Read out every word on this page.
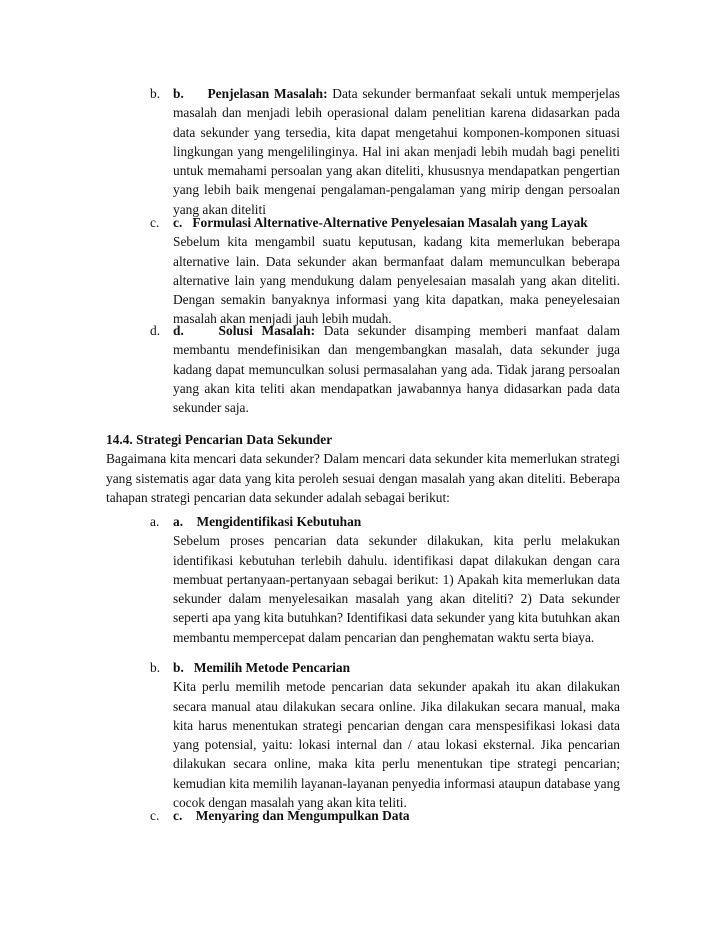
b. b. Penjelasan Masalah: Data sekunder bermanfaat sekali untuk memperjelas masalah dan menjadi lebih operasional dalam penelitian karena didasarkan pada data sekunder yang tersedia, kita dapat mengetahui komponen-komponen situasi lingkungan yang mengelilinginya. Hal ini akan menjadi lebih mudah bagi peneliti untuk memahami persoalan yang akan diteliti, khususnya mendapatkan pengertian yang lebih baik mengenai pengalaman-pengalaman yang mirip dengan persoalan yang akan diteliti

c.	c. Formulasi Alternative-Alternative Penyelesaian Masalah yang Layak

Sebelum kita mengambil suatu keputusan, kadang kita memerlukan beberapa alternative lain. Data sekunder akan bermanfaat dalam memunculkan beberapa alternative lain yang mendukung dalam penyelesaian masalah yang akan diteliti. Dengan semakin banyaknya informasi yang kita dapatkan, maka peneyelesaian masalah akan menjadi jauh lebih mudah.

d. d.	Solusi Masalah: Data sekunder disamping memberi manfaat dalam membantu mendefinisikan dan mengembangkan masalah, data sekunder juga kadang dapat memunculkan solusi permasalahan yang ada. Tidak jarang persoalan yang akan kita teliti akan mendapatkan jawabannya hanya didasarkan pada data sekunder saja.

14.4. Strategi Pencarian Data Sekunder

Bagaimana kita mencari data sekunder? Dalam mencari data sekunder kita memerlukan strategi yang sistematis agar data yang kita peroleh sesuai dengan masalah yang akan diteliti. Beberapa tahapan strategi pencarian data sekunder adalah sebagai berikut:

a.	a. Mengidentifikasi Kebutuhan

Sebelum proses pencarian data sekunder dilakukan, kita perlu melakukan identifikasi kebutuhan terlebih dahulu. identifikasi dapat dilakukan dengan cara membuat pertanyaan-pertanyaan sebagai berikut: 1) Apakah kita memerlukan data sekunder dalam menyelesaikan masalah yang akan diteliti? 2) Data sekunder seperti apa yang kita butuhkan? Identifikasi data sekunder yang kita butuhkan akan membantu mempercepat dalam pencarian dan penghematan waktu serta biaya.

b. b. Memilih Metode Pencarian

Kita perlu memilih metode pencarian data sekunder apakah itu akan dilakukan secara manual atau dilakukan secara online. Jika dilakukan secara manual, maka kita harus menentukan strategi pencarian dengan cara menspesifikasi lokasi data yang potensial, yaitu: lokasi internal dan / atau lokasi eksternal. Jika pencarian dilakukan secara online, maka kita perlu menentukan tipe strategi pencarian; kemudian kita memilih layanan-layanan penyedia informasi ataupun database yang cocok dengan masalah yang akan kita teliti.

c.	c. Menyaring dan Mengumpulkan Data
